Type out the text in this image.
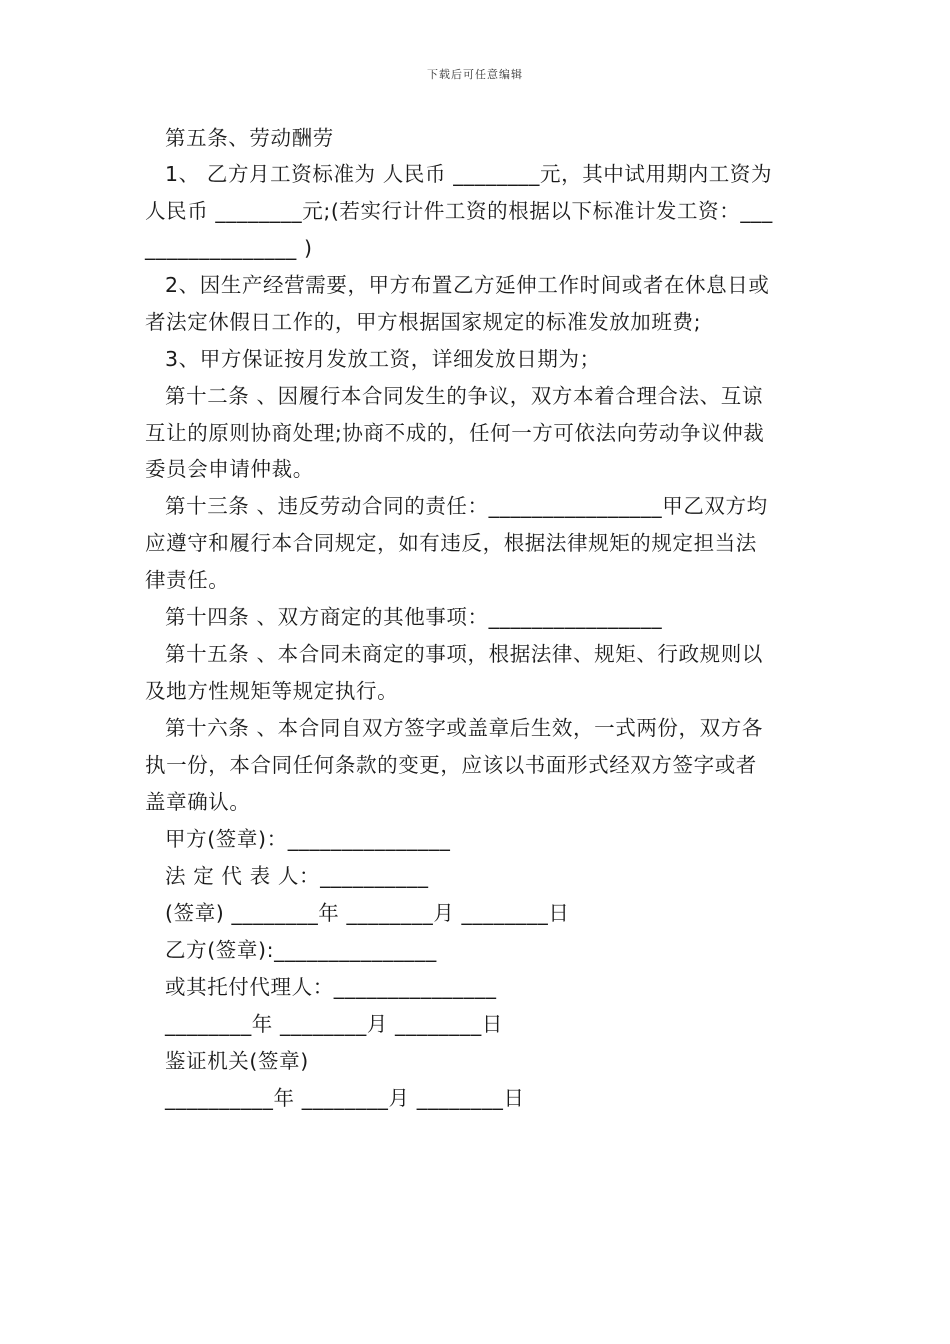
下载后可任意编辑
第五条、劳动酬劳
1、 乙方月工资标准为 人民币 ________元，其中试用期内工资为
人民币 ________元;(若实行计件工资的根据以下标准计发工资：___
______________ )
2、因生产经营需要，甲方布置乙方延伸工作时间或者在休息日或
者法定休假日工作的，甲方根据国家规定的标准发放加班费;
3、甲方保证按月发放工资，详细发放日期为；
第十二条 、因履行本合同发生的争议，双方本着合理合法、互谅
互让的原则协商处理;协商不成的，任何一方可依法向劳动争议仲裁
委员会申请仲裁。
第十三条 、违反劳动合同的责任：________________甲乙双方均
应遵守和履行本合同规定，如有违反，根据法律规矩的规定担当法
律责任。
第十四条 、双方商定的其他事项：________________
第十五条 、本合同未商定的事项，根据法律、规矩、行政规则以
及地方性规矩等规定执行。
第十六条 、本合同自双方签字或盖章后生效，一式两份，双方各
执一份，本合同任何条款的变更，应该以书面形式经双方签字或者
盖章确认。
甲方(签章)：_______________
法 定 代 表 人：__________
(签章) ________年 ________月 ________日
乙方(签章):_______________
或其托付代理人：_______________
________年 ________月 ________日
鉴证机关(签章)
__________年 ________月 ________日
